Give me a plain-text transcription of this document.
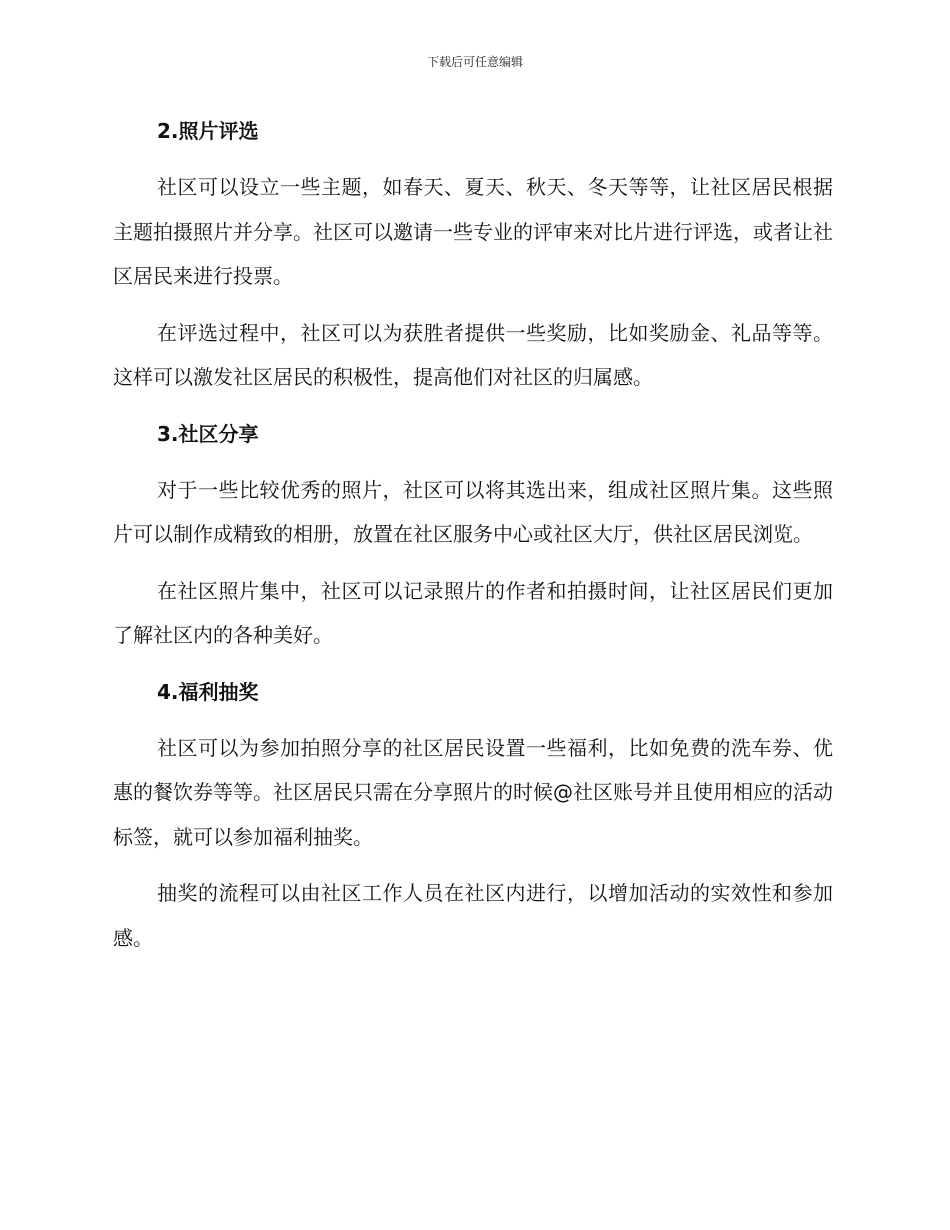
下载后可任意编辑
2.照片评选

社区可以设立一些主题，如春天、夏天、秋天、冬天等等，让社区居民根据主题拍摄照片并分享。社区可以邀请一些专业的评审来对比片进行评选，或者让社区居民来进行投票。

在评选过程中，社区可以为获胜者提供一些奖励，比如奖励金、礼品等等。这样可以激发社区居民的积极性，提高他们对社区的归属感。

3.社区分享

对于一些比较优秀的照片，社区可以将其选出来，组成社区照片集。这些照片可以制作成精致的相册，放置在社区服务中心或社区大厅，供社区居民浏览。

在社区照片集中，社区可以记录照片的作者和拍摄时间，让社区居民们更加了解社区内的各种美好。

4.福利抽奖

社区可以为参加拍照分享的社区居民设置一些福利，比如免费的洗车券、优惠的餐饮券等等。社区居民只需在分享照片的时候@社区账号并且使用相应的活动标签，就可以参加福利抽奖。

抽奖的流程可以由社区工作人员在社区内进行，以增加活动的实效性和参加感。
